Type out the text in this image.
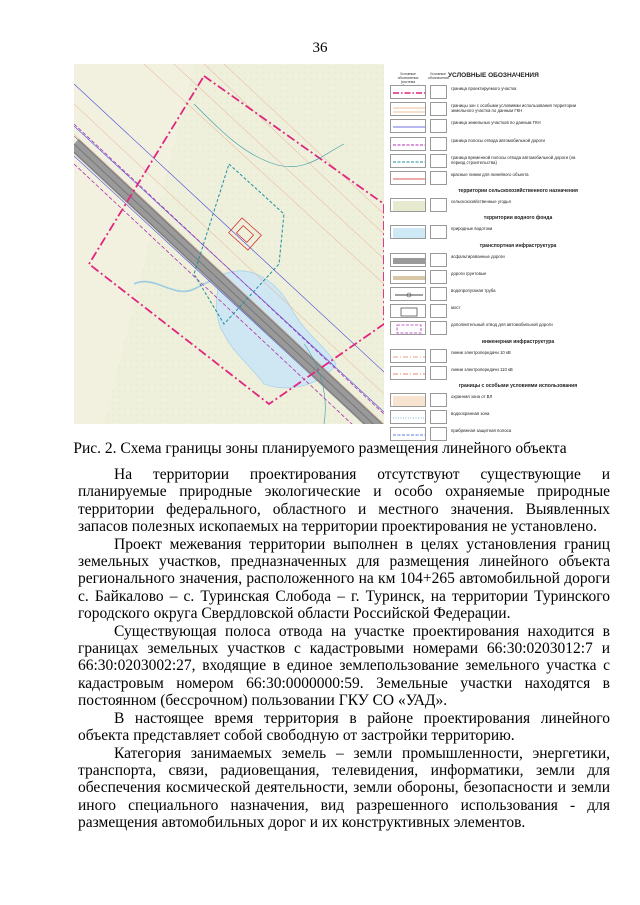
36
Условные обозначения (система
Условные обозначения УСЛОВНЫЕ ОБОЗНАЧЕНИЯ
граница проектируемого участка
границы зон с особыми условиями использования территории земельного участка по данным ГКН
граница земельных участков по данным ГКН
граница полосы отвода автомобильной дороги
граница временной полосы отвода автомобильной дороги (на период строительства)
красные линии для линейного объекта
территории сельскохозяйственного назначения
сельскохозяйственные угодья
территории водного фонда
природные водотоки
транспортная инфраструктура
асфальтированные дороги
дороги грунтовые
водопропускная труба
мост
дополнительный отвод для автомобильной дороги
инженерная инфраструктура
линии электропередачи 10 кВ
линии электропередачи 110 кВ
границы с особыми условиями использования
охранная зона от ВЛ
водоохранная зона
прибрежная защитная полоса
Рис. 2. Схема границы зоны планируемого размещения линейного объекта

На территории проектирования отсутствуют существующие и планируемые природные экологические и особо охраняемые природные территории федерального, областного и местного значения. Выявленных запасов полезных ископаемых на территории проектирования не установлено.

Проект межевания территории выполнен в целях установления границ земельных участков, предназначенных для размещения линейного объекта регионального значения, расположенного на км 104+265 автомобильной дороги с. Байкалово – с. Туринская Слобода – г. Туринск, на территории Туринского городского округа Свердловской области Российской Федерации.

Существующая полоса отвода на участке проектирования находится в границах земельных участков с кадастровыми номерами 66:30:0203012:7 и 66:30:0203002:27, входящие в единое землепользование земельного участка с кадастровым номером 66:30:0000000:59. Земельные участки находятся в постоянном (бессрочном) пользовании ГКУ СО «УАД».

В настоящее время территория в районе проектирования линейного объекта представляет собой свободную от застройки территорию.

Категория занимаемых земель – земли промышленности, энергетики, транспорта, связи, радиовещания, телевидения, информатики, земли для обеспечения космической деятельности, земли обороны, безопасности и земли иного специального назначения, вид разрешенного использования - для размещения автомобильных дорог и их конструктивных элементов.
